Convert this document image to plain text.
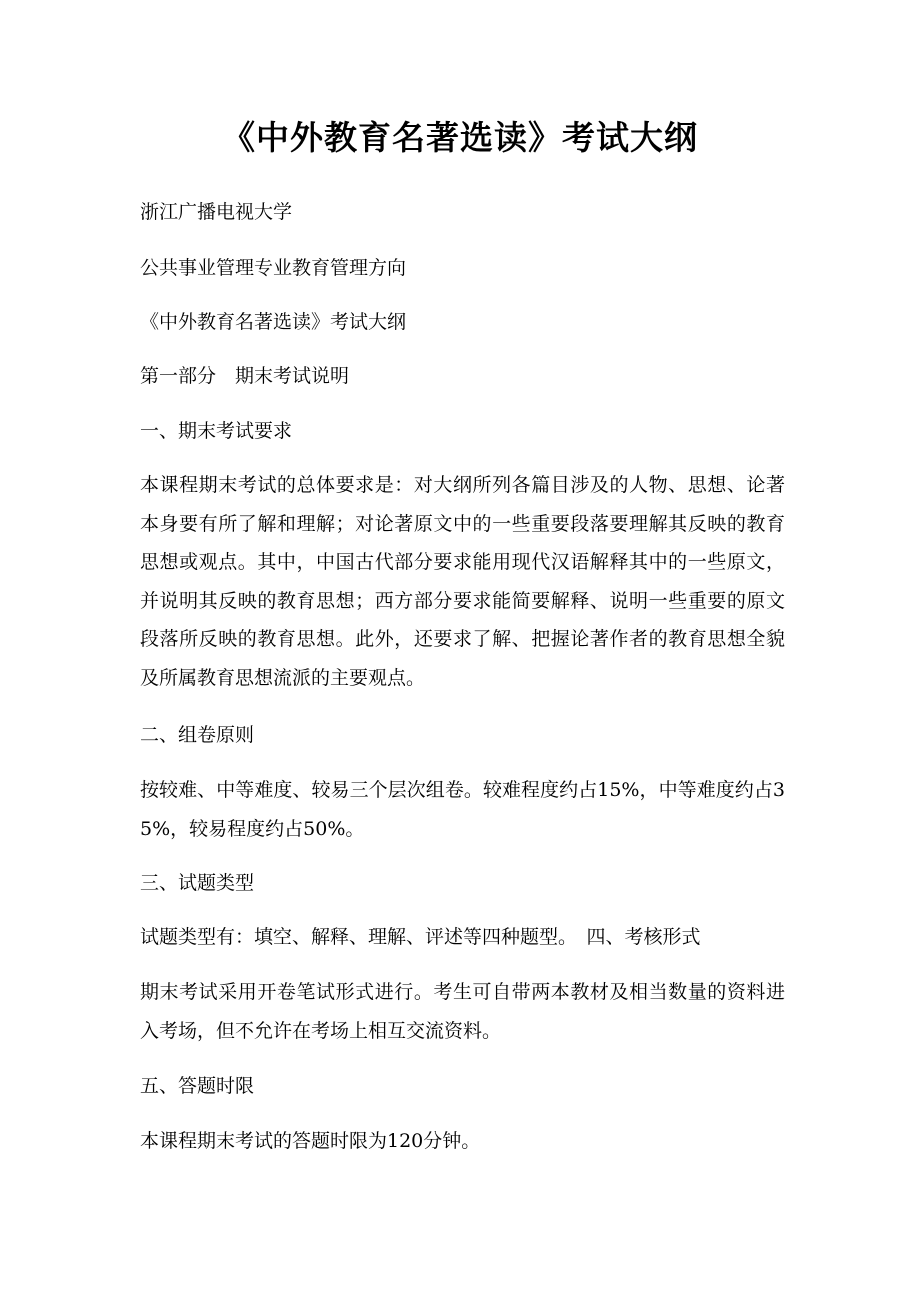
《中外教育名著选读》考试大纲

浙江广播电视大学

公共事业管理专业教育管理方向

《中外教育名著选读》考试大纲

第一部分　期末考试说明

一、期末考试要求

本课程期末考试的总体要求是：对大纲所列各篇目涉及的人物、思想、论著本身要有所了解和理解；对论著原文中的一些重要段落要理解其反映的教育思想或观点。其中，中国古代部分要求能用现代汉语解释其中的一些原文，并说明其反映的教育思想；西方部分要求能简要解释、说明一些重要的原文段落所反映的教育思想。此外，还要求了解、把握论著作者的教育思想全貌及所属教育思想流派的主要观点。

二、组卷原则

按较难、中等难度、较易三个层次组卷。较难程度约占15%，中等难度约占35%，较易程度约占50%。

三、试题类型

试题类型有：填空、解释、理解、评述等四种题型。　四、考核形式

期末考试采用开卷笔试形式进行。考生可自带两本教材及相当数量的资料进入考场，但不允许在考场上相互交流资料。

五、答题时限

本课程期末考试的答题时限为120分钟。
